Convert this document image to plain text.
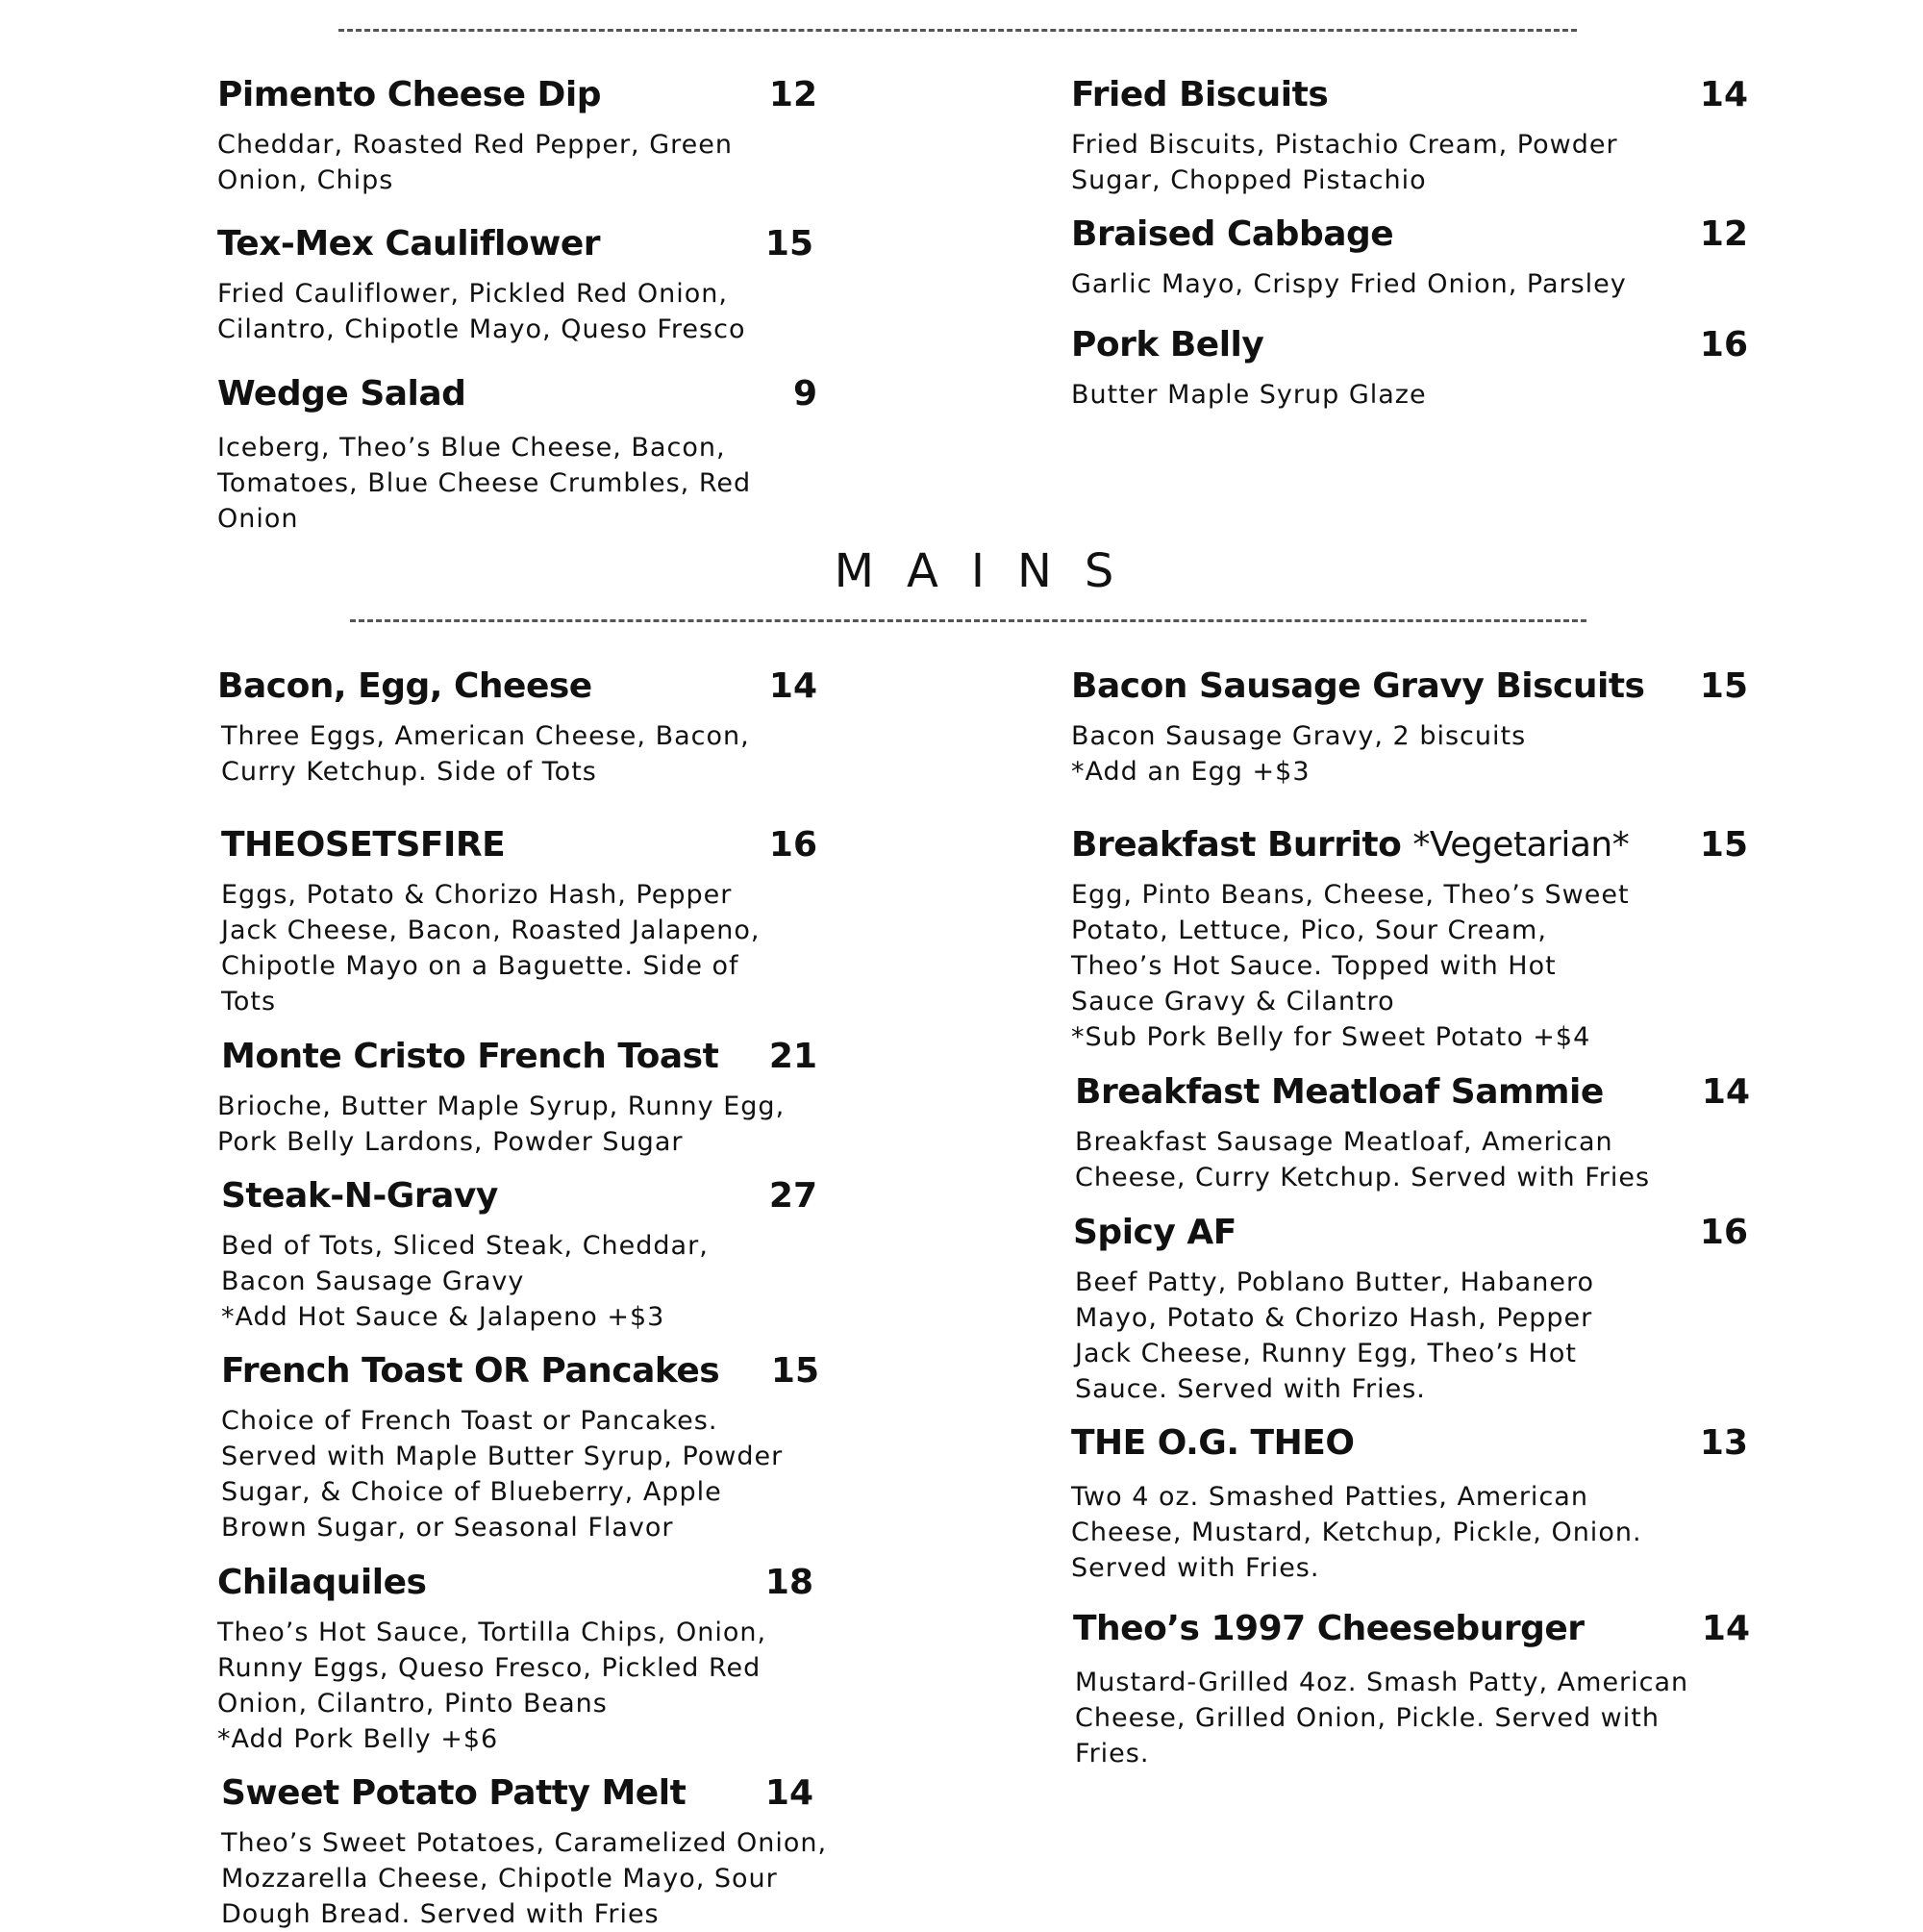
Pimento Cheese Dip	12
Cheddar, Roasted Red Pepper, Green
Onion, Chips
Tex-Mex Cauliflower	15
Fried Cauliflower, Pickled Red Onion,
Cilantro, Chipotle Mayo, Queso Fresco
Wedge Salad	9
Iceberg, Theo’s Blue Cheese, Bacon,
Tomatoes, Blue Cheese Crumbles, Red
Onion
Fried Biscuits	14
Fried Biscuits, Pistachio Cream, Powder
Sugar, Chopped Pistachio
Braised Cabbage	12
Garlic Mayo, Crispy Fried Onion, Parsley
Pork Belly	16
Butter Maple Syrup Glaze
MAINS
Bacon, Egg, Cheese	14
Three Eggs, American Cheese, Bacon,
Curry Ketchup. Side of Tots
THEOSETSFIRE	16
Eggs, Potato & Chorizo Hash, Pepper
Jack Cheese, Bacon, Roasted Jalapeno,
Chipotle Mayo on a Baguette. Side of
Tots
Monte Cristo French Toast	21
Brioche, Butter Maple Syrup, Runny Egg,
Pork Belly Lardons, Powder Sugar
Steak-N-Gravy	27
Bed of Tots, Sliced Steak, Cheddar,
Bacon Sausage Gravy
*Add Hot Sauce & Jalapeno +$3
French Toast OR Pancakes	15
Choice of French Toast or Pancakes.
Served with Maple Butter Syrup, Powder
Sugar, & Choice of Blueberry, Apple
Brown Sugar, or Seasonal Flavor
Chilaquiles	18
Theo’s Hot Sauce, Tortilla Chips, Onion,
Runny Eggs, Queso Fresco, Pickled Red
Onion, Cilantro, Pinto Beans
*Add Pork Belly +$6
Sweet Potato Patty Melt	14
Theo’s Sweet Potatoes, Caramelized Onion,
Mozzarella Cheese, Chipotle Mayo, Sour
Dough Bread. Served with Fries
Bacon Sausage Gravy Biscuits	15
Bacon Sausage Gravy, 2 biscuits
*Add an Egg +$3
Breakfast Burrito *Vegetarian*	15
Egg, Pinto Beans, Cheese, Theo’s Sweet
Potato, Lettuce, Pico, Sour Cream,
Theo’s Hot Sauce. Topped with Hot
Sauce Gravy & Cilantro
*Sub Pork Belly for Sweet Potato +$4
Breakfast Meatloaf Sammie	14
Breakfast Sausage Meatloaf, American
Cheese, Curry Ketchup. Served with Fries
Spicy AF	16
Beef Patty, Poblano Butter, Habanero
Mayo, Potato & Chorizo Hash, Pepper
Jack Cheese, Runny Egg, Theo’s Hot
Sauce. Served with Fries.
THE O.G. THEO	13
Two 4 oz. Smashed Patties, American
Cheese, Mustard, Ketchup, Pickle, Onion.
Served with Fries.
Theo’s 1997 Cheeseburger	14
Mustard-Grilled 4oz. Smash Patty, American
Cheese, Grilled Onion, Pickle. Served with
Fries.
